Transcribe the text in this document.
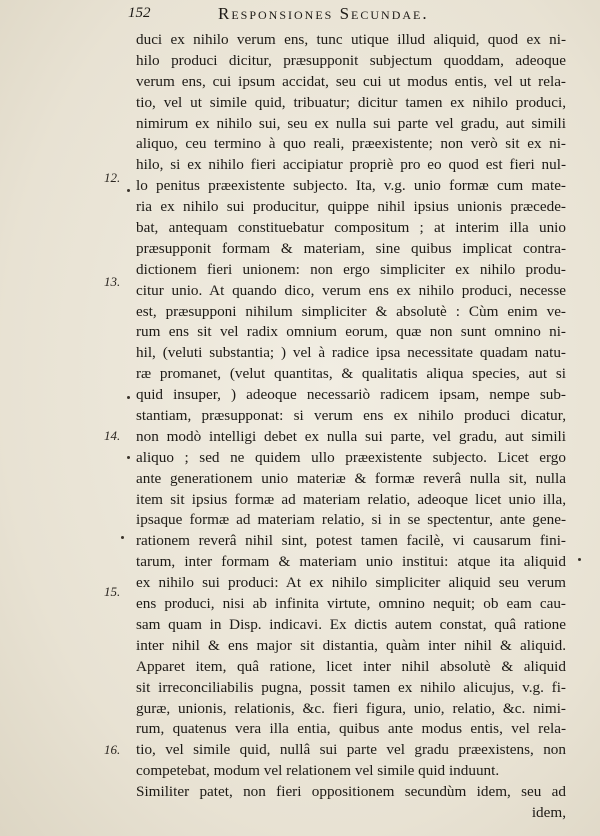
152	Responsiones Secundae.
12.
13.
14.
15.
16.
duci ex nihilo verum ens, tunc utique illud aliquid, quod ex ni-
hilo produci dicitur, præsupponit subjectum quoddam, adeoque
verum ens, cui ipsum accidat, seu cui ut modus entis, vel ut rela-
tio, vel ut simile quid, tribuatur; dicitur tamen ex nihilo produci,
nimirum ex nihilo sui, seu ex nulla sui parte vel gradu, aut simili
aliquo, ceu termino à quo reali, præexistente; non verò sit ex ni-
hilo, si ex nihilo fieri accipiatur propriè pro eo quod est fieri nul-
lo penitus præexistente subjecto. Ita, v.g. unio formæ cum mate-
ria ex nihilo sui producitur, quippe nihil ipsius unionis præcede-
bat, antequam constituebatur compositum ; at interim illa unio
præsupponit formam & materiam, sine quibus implicat contra-
dictionem fieri unionem: non ergo simpliciter ex nihilo produ-
citur unio. At quando dico, verum ens ex nihilo produci, necesse
est, præsupponi nihilum simpliciter & absolutè : Cùm enim ve-
rum ens sit vel radix omnium eorum, quæ non sunt omnino ni-
hil, (veluti substantia; ) vel à radice ipsa necessitate quadam natu-
ræ promanet, (velut quantitas, & qualitatis aliqua species, aut si
quid insuper, ) adeoque necessariò radicem ipsam, nempe sub-
stantiam, præsupponat: si verum ens ex nihilo produci dicatur,
non modò intelligi debet ex nulla sui parte, vel gradu, aut simili
aliquo ; sed ne quidem ullo præexistente subjecto. Licet ergo
ante generationem unio materiæ & formæ reverâ nulla sit, nulla
item sit ipsius formæ ad materiam relatio, adeoque licet unio illa,
ipsaque formæ ad materiam relatio, si in se spectentur, ante gene-
rationem reverâ nihil sint, potest tamen facilè, vi causarum fini-
tarum, inter formam & materiam unio institui: atque ita aliquid
ex nihilo sui produci: At ex nihilo simpliciter aliquid seu verum
ens produci, nisi ab infinita virtute, omnino nequit; ob eam cau-
sam quam in Disp. indicavi. Ex dictis autem constat, quâ ratione
inter nihil & ens major sit distantia, quàm inter nihil & aliquid.
Apparet item, quâ ratione, licet inter nihil absolutè & aliquid
sit irreconciliabilis pugna, possit tamen ex nihilo alicujus, v.g. fi-
guræ, unionis, relationis, &c. fieri figura, unio, relatio, &c. nimi-
rum, quatenus vera illa entia, quibus ante modus entis, vel rela-
tio, vel simile quid, nullâ sui parte vel gradu præexistens, non
competebat, modum vel relationem vel simile quid induunt.
Similiter patet, non fieri oppositionem secundùm idem, seu ad
idem,
